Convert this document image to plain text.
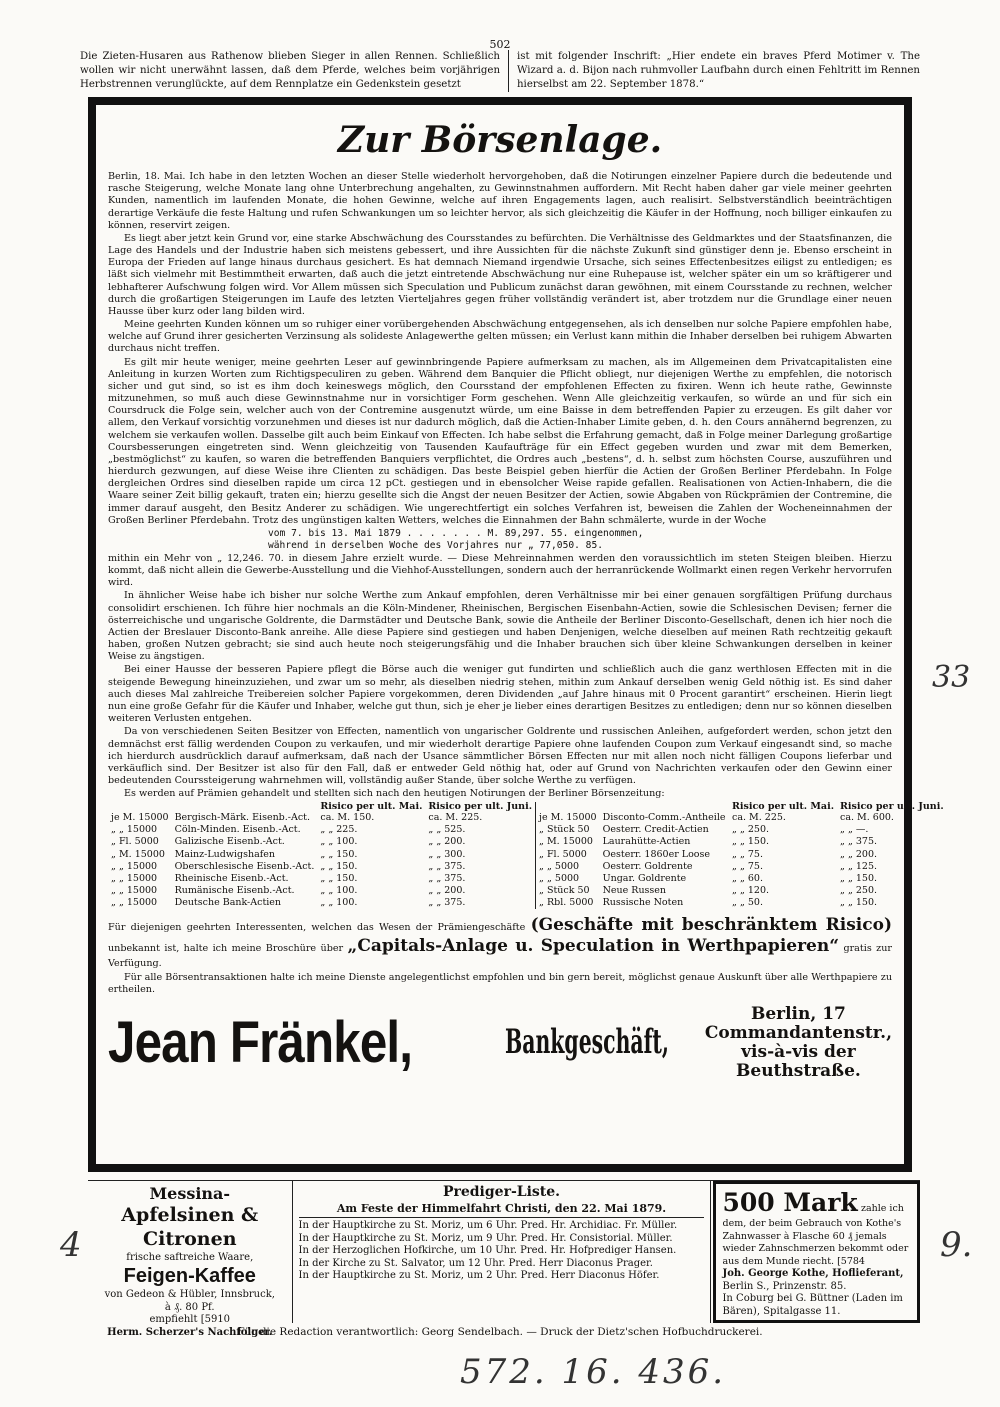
502
Die Zieten-Husaren aus Rathenow blieben Sieger in allen Rennen. Schließlich wollen wir nicht unerwähnt lassen, daß dem Pferde, welches beim vorjährigen Herbstrennen verunglückte, auf dem Rennplatze ein Gedenkstein gesetzt
ist mit folgender Inschrift: „Hier endete ein braves Pferd Motimer v. The Wizard a. d. Bijon nach ruhmvoller Laufbahn durch einen Fehltritt im Rennen hierselbst am 22. September 1878.“
Zur Börsenlage.

Berlin, 18. Mai. Ich habe in den letzten Wochen an dieser Stelle wiederholt hervorgehoben, daß die Notirungen einzelner Papiere durch die bedeutende und rasche Steigerung, welche Monate lang ohne Unterbrechung angehalten, zu Gewinnstnahmen auffordern. Mit Recht haben daher gar viele meiner geehrten Kunden, namentlich im laufenden Monate, die hohen Gewinne, welche auf ihren Engagements lagen, auch realisirt. Selbstverständlich beeinträchtigen derartige Verkäufe die feste Haltung und rufen Schwankungen um so leichter hervor, als sich gleichzeitig die Käufer in der Hoffnung, noch billiger einkaufen zu können, reservirt zeigen.

Es liegt aber jetzt kein Grund vor, eine starke Abschwächung des Coursstandes zu befürchten. Die Verhältnisse des Geldmarktes und der Staatsfinanzen, die Lage des Handels und der Industrie haben sich meistens gebessert, und ihre Aussichten für die nächste Zukunft sind günstiger denn je. Ebenso erscheint in Europa der Frieden auf lange hinaus durchaus gesichert. Es hat demnach Niemand irgendwie Ursache, sich seines Effectenbesitzes eiligst zu entledigen; es läßt sich vielmehr mit Bestimmtheit erwarten, daß auch die jetzt eintretende Abschwächung nur eine Ruhepause ist, welcher später ein um so kräftigerer und lebhafterer Aufschwung folgen wird. Vor Allem müssen sich Speculation und Publicum zunächst daran gewöhnen, mit einem Coursstande zu rechnen, welcher durch die großartigen Steigerungen im Laufe des letzten Vierteljahres gegen früher vollständig verändert ist, aber trotzdem nur die Grundlage einer neuen Hausse über kurz oder lang bilden wird.

Meine geehrten Kunden können um so ruhiger einer vorübergehenden Abschwächung entgegensehen, als ich denselben nur solche Papiere empfohlen habe, welche auf Grund ihrer gesicherten Verzinsung als solideste Anlagewerthe gelten müssen; ein Verlust kann mithin die Inhaber derselben bei ruhigem Abwarten durchaus nicht treffen.

Es gilt mir heute weniger, meine geehrten Leser auf gewinnbringende Papiere aufmerksam zu machen, als im Allgemeinen dem Privatcapitalisten eine Anleitung in kurzen Worten zum Richtigspeculiren zu geben. Während dem Banquier die Pflicht obliegt, nur diejenigen Werthe zu empfehlen, die notorisch sicher und gut sind, so ist es ihm doch keineswegs möglich, den Coursstand der empfohlenen Effecten zu fixiren. Wenn ich heute rathe, Gewinnste mitzunehmen, so muß auch diese Gewinnstnahme nur in vorsichtiger Form geschehen. Wenn Alle gleichzeitig verkaufen, so würde an und für sich ein Coursdruck die Folge sein, welcher auch von der Contremine ausgenutzt würde, um eine Baisse in dem betreffenden Papier zu erzeugen. Es gilt daher vor allem, den Verkauf vorsichtig vorzunehmen und dieses ist nur dadurch möglich, daß die Actien-Inhaber Limite geben, d. h. den Cours annähernd begrenzen, zu welchem sie verkaufen wollen. Dasselbe gilt auch beim Einkauf von Effecten. Ich habe selbst die Erfahrung gemacht, daß in Folge meiner Darlegung großartige Coursbesserungen eingetreten sind. Wenn gleichzeitig von Tausenden Kaufaufträge für ein Effect gegeben wurden und zwar mit dem Bemerken, „bestmöglichst“ zu kaufen, so waren die betreffenden Banquiers verpflichtet, die Ordres auch „bestens“, d. h. selbst zum höchsten Course, auszuführen und hierdurch gezwungen, auf diese Weise ihre Clienten zu schädigen. Das beste Beispiel geben hierfür die Actien der Großen Berliner Pferdebahn. In Folge dergleichen Ordres sind dieselben rapide um circa 12 pCt. gestiegen und in ebensolcher Weise rapide gefallen. Realisationen von Actien-Inhabern, die die Waare seiner Zeit billig gekauft, traten ein; hierzu gesellte sich die Angst der neuen Besitzer der Actien, sowie Abgaben von Rückprämien der Contremine, die immer darauf ausgeht, den Besitz Anderer zu schädigen. Wie ungerechtfertigt ein solches Verfahren ist, beweisen die Zahlen der Wocheneinnahmen der Großen Berliner Pferdebahn. Trotz des ungünstigen kalten Wetters, welches die Einnahmen der Bahn schmälerte, wurde in der Woche

vom 7. bis 13. Mai 1879 . . . . . . . M. 89,297. 55. eingenommen,
während in derselben Woche des Vorjahres nur „ 77,050. 85.

mithin ein Mehr von „ 12,246. 70. in diesem Jahre erzielt wurde. — Diese Mehreinnahmen werden den voraussichtlich im steten Steigen bleiben. Hierzu kommt, daß nicht allein die Gewerbe-Ausstellung und die Viehhof-Ausstellungen, sondern auch der herranrückende Wollmarkt einen regen Verkehr hervorrufen wird.

In ähnlicher Weise habe ich bisher nur solche Werthe zum Ankauf empfohlen, deren Verhältnisse mir bei einer genauen sorgfältigen Prüfung durchaus consolidirt erschienen. Ich führe hier nochmals an die Köln-Mindener, Rheinischen, Bergischen Eisenbahn-Actien, sowie die Schlesischen Devisen; ferner die österreichische und ungarische Goldrente, die Darmstädter und Deutsche Bank, sowie die Antheile der Berliner Disconto-Gesellschaft, denen ich hier noch die Actien der Breslauer Disconto-Bank anreihe. Alle diese Papiere sind gestiegen und haben Denjenigen, welche dieselben auf meinen Rath rechtzeitig gekauft haben, großen Nutzen gebracht; sie sind auch heute noch steigerungsfähig und die Inhaber brauchen sich über kleine Schwankungen derselben in keiner Weise zu ängstigen.

Bei einer Hausse der besseren Papiere pflegt die Börse auch die weniger gut fundirten und schließlich auch die ganz werthlosen Effecten mit in die steigende Bewegung hineinzuziehen, und zwar um so mehr, als dieselben niedrig stehen, mithin zum Ankauf derselben wenig Geld nöthig ist. Es sind daher auch dieses Mal zahlreiche Treibereien solcher Papiere vorgekommen, deren Dividenden „auf Jahre hinaus mit 0 Procent garantirt“ erscheinen. Hierin liegt nun eine große Gefahr für die Käufer und Inhaber, welche gut thun, sich je eher je lieber eines derartigen Besitzes zu entledigen; denn nur so können dieselben weiteren Verlusten entgehen.

Da von verschiedenen Seiten Besitzer von Effecten, namentlich von ungarischer Goldrente und russischen Anleihen, aufgefordert werden, schon jetzt den demnächst erst fällig werdenden Coupon zu verkaufen, und mir wiederholt derartige Papiere ohne laufenden Coupon zum Verkauf eingesandt sind, so mache ich hierdurch ausdrücklich darauf aufmerksam, daß nach der Usance sämmtlicher Börsen Effecten nur mit allen noch nicht fälligen Coupons lieferbar und verkäuflich sind. Der Besitzer ist also für den Fall, daß er entweder Geld nöthig hat, oder auf Grund von Nachrichten verkaufen oder den Gewinn einer bedeutenden Courssteigerung wahrnehmen will, vollständig außer Stande, über solche Werthe zu verfügen.

Es werden auf Prämien gehandelt und stellten sich nach den heutigen Notirungen der Berliner Börsenzeitung:

		Risico per ult. Mai.	Risico per ult. Juni.
je M. 15000	Bergisch-Märk. Eisenb.-Act.	ca. M. 150.	ca. M. 225.
„ „ 15000	Cöln-Minden. Eisenb.-Act.	„ „ 225.	„ „ 525.
„ Fl. 5000	Galizische Eisenb.-Act.	„ „ 100.	„ „ 200.
„ M. 15000	Mainz-Ludwigshafen	„ „ 150.	„ „ 300.
„ „ 15000	Oberschlesische Eisenb.-Act.	„ „ 150.	„ „ 375.
„ „ 15000	Rheinische Eisenb.-Act.	„ „ 150.	„ „ 375.
„ „ 15000	Rumänische Eisenb.-Act.	„ „ 100.	„ „ 200.
„ „ 15000	Deutsche Bank-Actien	„ „ 100.	„ „ 375.
		Risico per ult. Mai.	Risico per ult. Juni.
je M. 15000	Disconto-Comm.-Antheile	ca. M. 225.	ca. M. 600.
„ Stück 50	Oesterr. Credit-Actien	„ „ 250.	„ „ —.
„ M. 15000	Laurahütte-Actien	„ „ 150.	„ „ 375.
„ Fl. 5000	Oesterr. 1860er Loose	„ „ 75.	„ „ 200.
„ „ 5000	Oesterr. Goldrente	„ „ 75.	„ „ 125.
„ „ 5000	Ungar. Goldrente	„ „ 60.	„ „ 150.
„ Stück 50	Neue Russen	„ „ 120.	„ „ 250.
„ Rbl. 5000	Russische Noten	„ „ 50.	„ „ 150.
Für diejenigen geehrten Interessenten, welchen das Wesen der Prämiengeschäfte (Geschäfte mit beschränktem Risico) unbekannt ist, halte ich meine Broschüre über „Capitals-Anlage u. Speculation in Werthpapieren“ gratis zur Verfügung.

Für alle Börsentransaktionen halte ich meine Dienste angelegentlichst empfohlen und bin gern bereit, möglichst genaue Auskunft über alle Werthpapiere zu ertheilen.

Jean Fränkel,	Bankgeschäft,
Berlin, 17 Commandantenstr., vis-à-vis der Beuthstraße.
Messina-
Apfelsinen & Citronen
frische saftreiche Waare,
Feigen-Kaffee
von Gedeon & Hübler, Innsbruck,
à ₰. 80 Pf.
empfiehlt [5910
Herm. Scherzer's Nachfolger.
Prediger-Liste.
Am Feste der Himmelfahrt Christi, den 22. Mai 1879.
In der Hauptkirche zu St. Moriz, um 6 Uhr. Pred. Hr. Archidiac. Fr. Müller.
In der Hauptkirche zu St. Moriz, um 9 Uhr. Pred. Hr. Consistorial. Müller.
In der Herzoglichen Hofkirche, um 10 Uhr. Pred. Hr. Hofprediger Hansen.
In der Kirche zu St. Salvator, um 12 Uhr. Pred. Herr Diaconus Prager.
In der Hauptkirche zu St. Moriz, um 2 Uhr. Pred. Herr Diaconus Höfer.
500 Mark zahle ich dem, der beim Gebrauch von Kothe's Zahnwasser à Flasche 60 ₰ jemals wieder Zahnschmerzen bekommt oder aus dem Munde riecht. [5784
Joh. George Kothe, Hoflieferant,
Berlin S., Prinzenstr. 85.
In Coburg bei G. Büttner (Laden im Bären), Spitalgasse 11.
Für die Redaction verantwortlich: Georg Sendelbach. — Druck der Dietz'schen Hofbuchdruckerei.
572. 16. 436.
33
4	9.
